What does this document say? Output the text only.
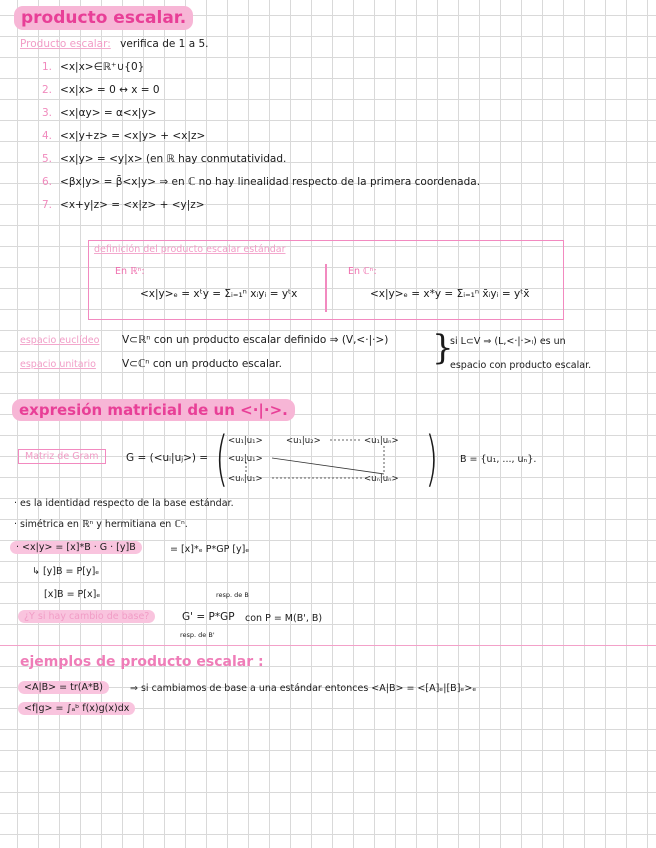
producto escalar.
Producto escalar: verifica de 1 a 5.
1. <x|x>∈ℝ⁺∪{0}
2. <x|x> = 0 ↔ x = 0
3. <x|αy> = α<x|y>
4. <x|y+z> = <x|y> + <x|z>
5. <x|y> = <y|x> (en ℝ hay conmutatividad.
6. <βx|y> = β̄<x|y> ⇒ en ℂ no hay linealidad respecto de la primera coordenada.
7. <x+y|z> = <x|z> + <y|z>
definición del producto escalar estándar
En ℝⁿ:
<x|y>ₑ = xᵗy = Σᵢ₌₁ⁿ xᵢyᵢ = yᵗx
En ℂⁿ:
<x|y>ₑ = x*y = Σᵢ₌₁ⁿ x̄ᵢyᵢ = yᵗx̄
espacio euclídeo V⊂ℝⁿ con un producto escalar definido ⇒ (V,<·|·>)
espacio unitario V⊂ℂⁿ con un producto escalar.	}
si L⊂V ⇒ (L,<·|·>ₗ) es un
espacio con producto escalar.
expresión matricial de un <·|·>.
Matriz de Gram	G = (<uᵢ|uⱼ>) = (	)
<u₁|u₁>	<u₁|u₂>	<u₁|uₙ>
<u₂|u₁>
<uₙ|u₁>	<uₙ|uₙ>
B = {u₁, ..., uₙ}.
· es la identidad respecto de la base estándar.
· simétrica en ℝⁿ y hermitiana en ℂⁿ.
· <x|y> = [x]*B · G · [y]B	= [x]*ₑ P*GP [y]ₑ
↳ [y]B = P[y]ₑ
[x]B = P[x]ₑ	resp. de B
¿Y si hay cambio de base?	G' = P*GP con P = M(B', B)
resp. de B'
ejemplos de producto escalar :
<A|B> = tr(A*B)	⇒ si cambiamos de base a una estándar entonces <A|B> = <[A]ₑ|[B]ₑ>ₑ
<f|g> = ∫ₐᵇ f(x)g(x)dx
